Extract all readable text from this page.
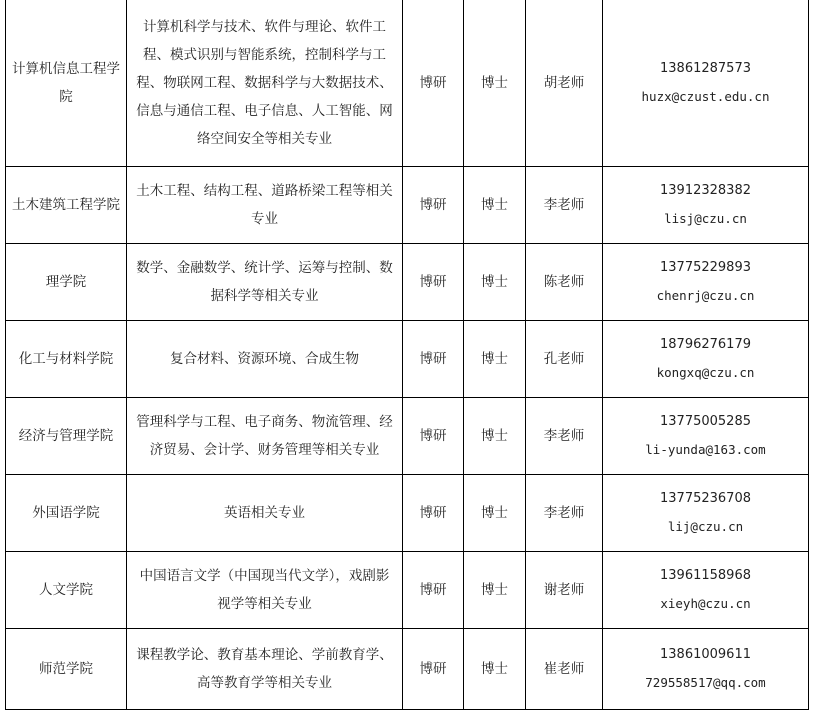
计算机信息工程学院	计算机科学与技术、软件与理论、软件工程、模式识别与智能系统，控制科学与工程、物联网工程、数据科学与大数据技术、信息与通信工程、电子信息、人工智能、网络空间安全等相关专业	博研	博士	胡老师	13861287573
huzx@czust.edu.cn

土木建筑工程学院	土木工程、结构工程、道路桥梁工程等相关专业	博研	博士	李老师	13912328382
lisj@czu.cn

理学院	数学、金融数学、统计学、运筹与控制、数据科学等相关专业	博研	博士	陈老师	13775229893
chenrj@czu.cn

化工与材料学院	复合材料、资源环境、合成生物	博研	博士	孔老师	18796276179
kongxq@czu.cn

经济与管理学院	管理科学与工程、电子商务、物流管理、经济贸易、会计学、财务管理等相关专业	博研	博士	李老师	13775005285
li-yunda@163.com

外国语学院	英语相关专业	博研	博士	李老师	13775236708
lij@czu.cn

人文学院	中国语言文学（中国现当代文学），戏剧影视学等相关专业	博研	博士	谢老师	13961158968
xieyh@czu.cn

师范学院	课程教学论、教育基本理论、学前教育学、高等教育学等相关专业	博研	博士	崔老师	13861009611
729558517@qq.com
